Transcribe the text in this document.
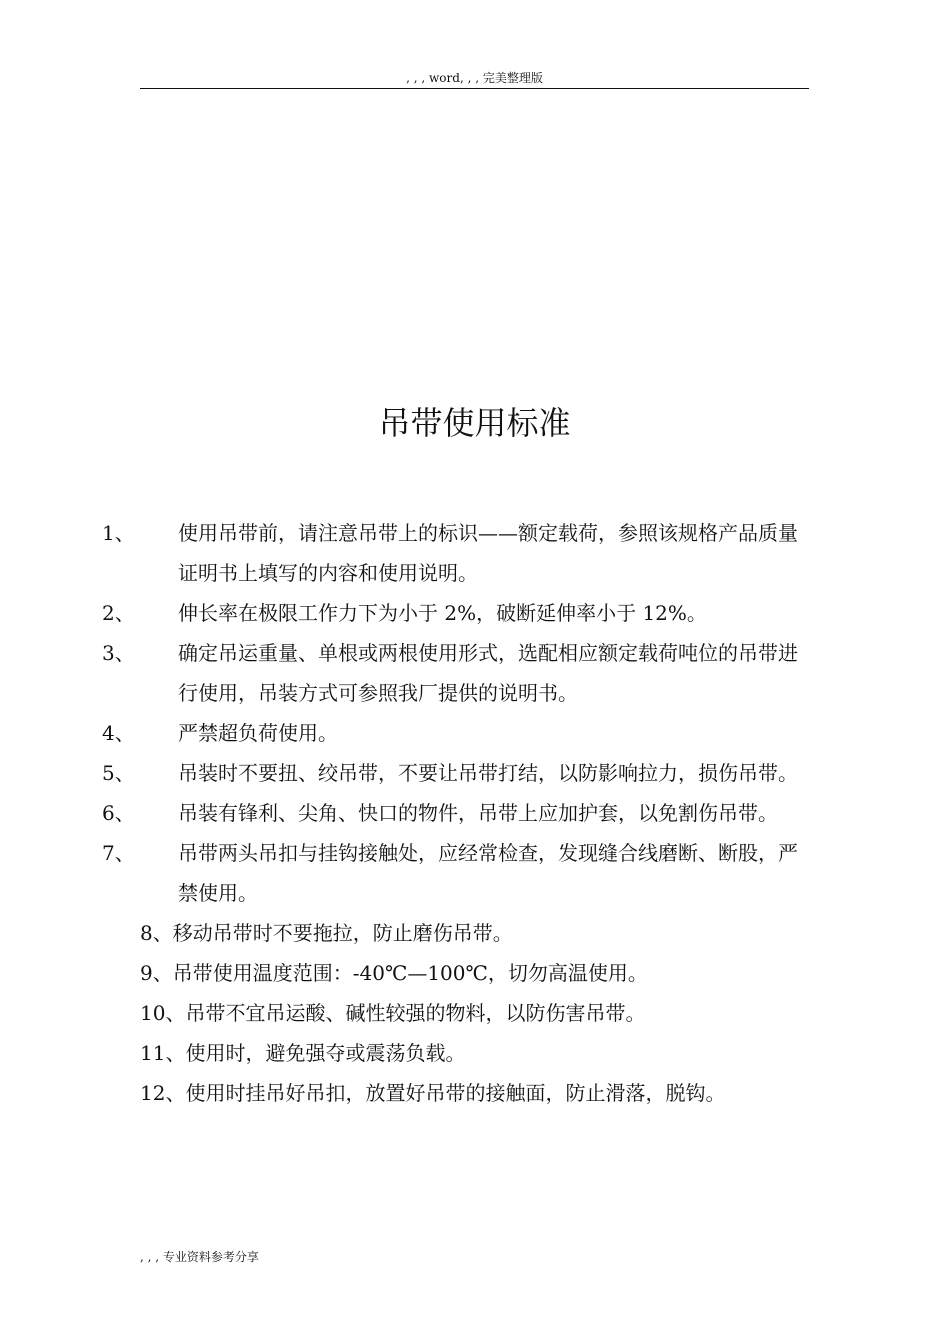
, , , word, , , 完美整理版
吊带使用标准
1、 使用吊带前，请注意吊带上的标识——额定载荷，参照该规格产品质量证明书上填写的内容和使用说明。
2、 伸长率在极限工作力下为小于 2%，破断延伸率小于 12%。
3、 确定吊运重量、单根或两根使用形式，选配相应额定载荷吨位的吊带进行使用，吊装方式可参照我厂提供的说明书。
4、 严禁超负荷使用。
5、 吊装时不要扭、绞吊带，不要让吊带打结，以防影响拉力，损伤吊带。
6、 吊装有锋利、尖角、快口的物件，吊带上应加护套，以免割伤吊带。
7、 吊带两头吊扣与挂钩接触处，应经常检查，发现缝合线磨断、断股，严禁使用。
8、移动吊带时不要拖拉，防止磨伤吊带。
9、吊带使用温度范围：-40℃—100℃，切勿高温使用。
10、吊带不宜吊运酸、碱性较强的物料，以防伤害吊带。
11、使用时，避免强夺或震荡负载。
12、使用时挂吊好吊扣，放置好吊带的接触面，防止滑落，脱钩。
, , , 专业资料参考分享
